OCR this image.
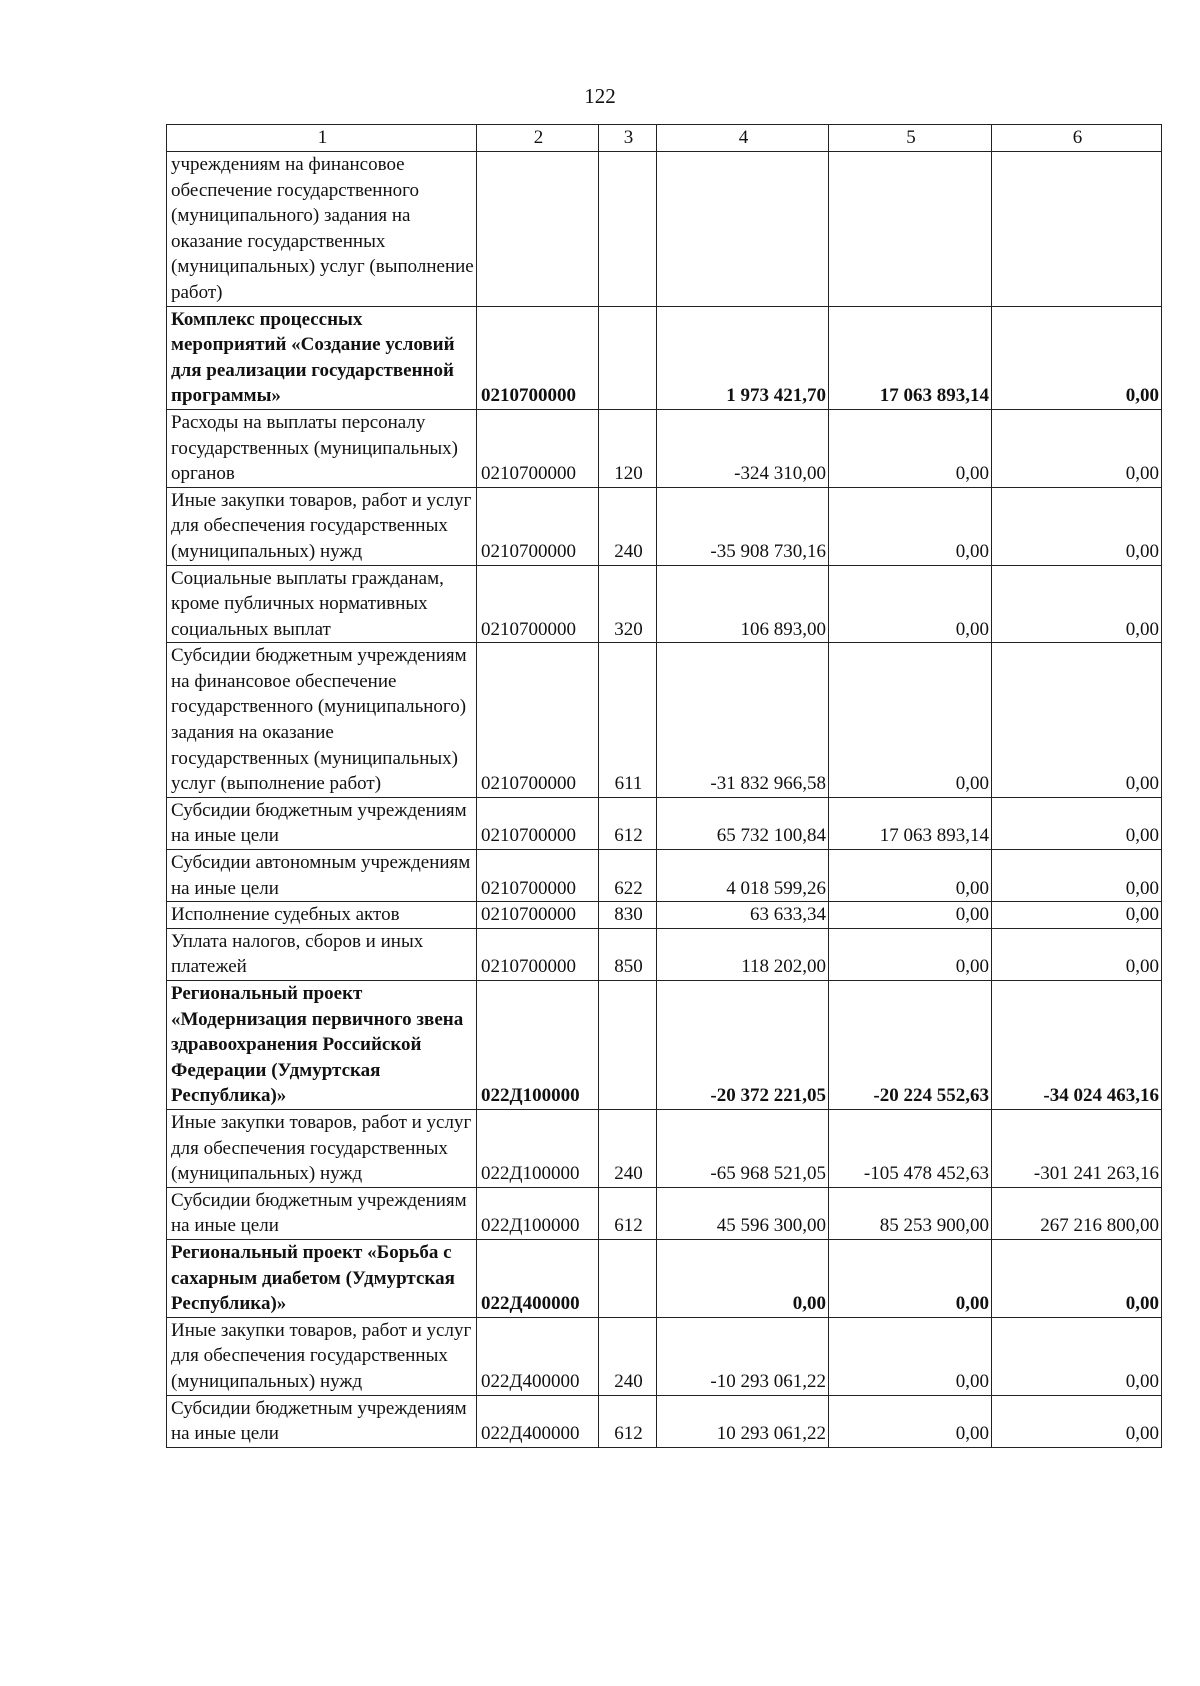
122
1	2	3	4	5	6
учреждениям на финансовое обеспечение государственного (муниципального) задания на оказание государственных (муниципальных) услуг (выполнение работ)					
Комплекс процессных мероприятий «Создание условий для реализации государственной программы»	0210700000		1 973 421,70	17 063 893,14	0,00
Расходы на выплаты персоналу государственных (муниципальных) органов	0210700000	120	-324 310,00	0,00	0,00
Иные закупки товаров, работ и услуг для обеспечения государственных (муниципальных) нужд	0210700000	240	-35 908 730,16	0,00	0,00
Социальные выплаты гражданам, кроме публичных нормативных социальных выплат	0210700000	320	106 893,00	0,00	0,00
Субсидии бюджетным учреждениям на финансовое обеспечение государственного (муниципального) задания на оказание государственных (муниципальных) услуг (выполнение работ)	0210700000	611	-31 832 966,58	0,00	0,00
Субсидии бюджетным учреждениям на иные цели	0210700000	612	65 732 100,84	17 063 893,14	0,00
Субсидии автономным учреждениям на иные цели	0210700000	622	4 018 599,26	0,00	0,00
Исполнение судебных актов	0210700000	830	63 633,34	0,00	0,00
Уплата налогов, сборов и иных платежей	0210700000	850	118 202,00	0,00	0,00
Региональный проект «Модернизация первичного звена здравоохранения Российской Федерации (Удмуртская Республика)»	022Д100000		-20 372 221,05	-20 224 552,63	-34 024 463,16
Иные закупки товаров, работ и услуг для обеспечения государственных (муниципальных) нужд	022Д100000	240	-65 968 521,05	-105 478 452,63	-301 241 263,16
Субсидии бюджетным учреждениям на иные цели	022Д100000	612	45 596 300,00	85 253 900,00	267 216 800,00
Региональный проект «Борьба с сахарным диабетом (Удмуртская Республика)»	022Д400000		0,00	0,00	0,00
Иные закупки товаров, работ и услуг для обеспечения государственных (муниципальных) нужд	022Д400000	240	-10 293 061,22	0,00	0,00
Субсидии бюджетным учреждениям на иные цели	022Д400000	612	10 293 061,22	0,00	0,00
